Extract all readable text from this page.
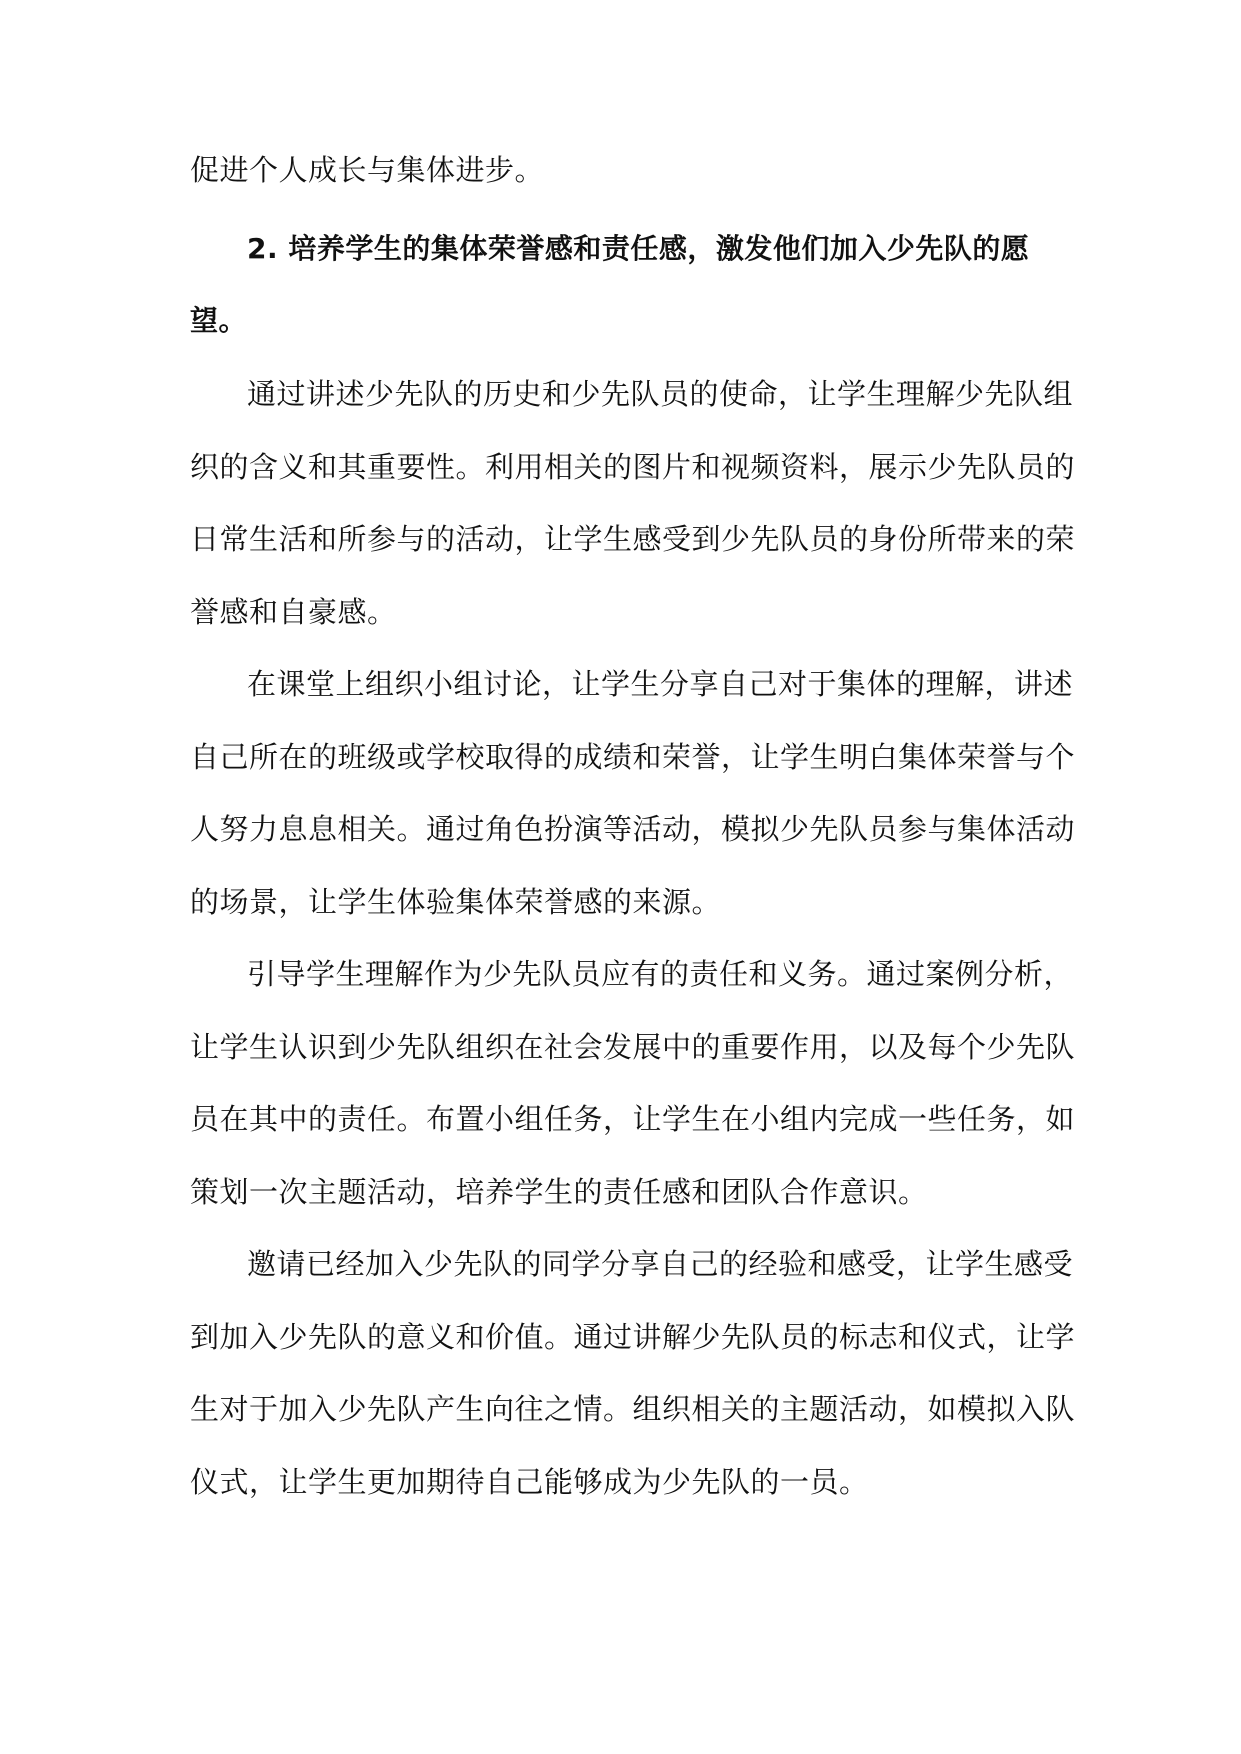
促进个人成长与集体进步。
2. 培养学生的集体荣誉感和责任感，激发他们加入少先队的愿
望。
通过讲述少先队的历史和少先队员的使命，让学生理解少先队组
织的含义和其重要性。利用相关的图片和视频资料，展示少先队员的
日常生活和所参与的活动，让学生感受到少先队员的身份所带来的荣
誉感和自豪感。
在课堂上组织小组讨论，让学生分享自己对于集体的理解，讲述
自己所在的班级或学校取得的成绩和荣誉，让学生明白集体荣誉与个
人努力息息相关。通过角色扮演等活动，模拟少先队员参与集体活动
的场景，让学生体验集体荣誉感的来源。
引导学生理解作为少先队员应有的责任和义务。通过案例分析，
让学生认识到少先队组织在社会发展中的重要作用，以及每个少先队
员在其中的责任。布置小组任务，让学生在小组内完成一些任务，如
策划一次主题活动，培养学生的责任感和团队合作意识。
邀请已经加入少先队的同学分享自己的经验和感受，让学生感受
到加入少先队的意义和价值。通过讲解少先队员的标志和仪式，让学
生对于加入少先队产生向往之情。组织相关的主题活动，如模拟入队
仪式，让学生更加期待自己能够成为少先队的一员。
